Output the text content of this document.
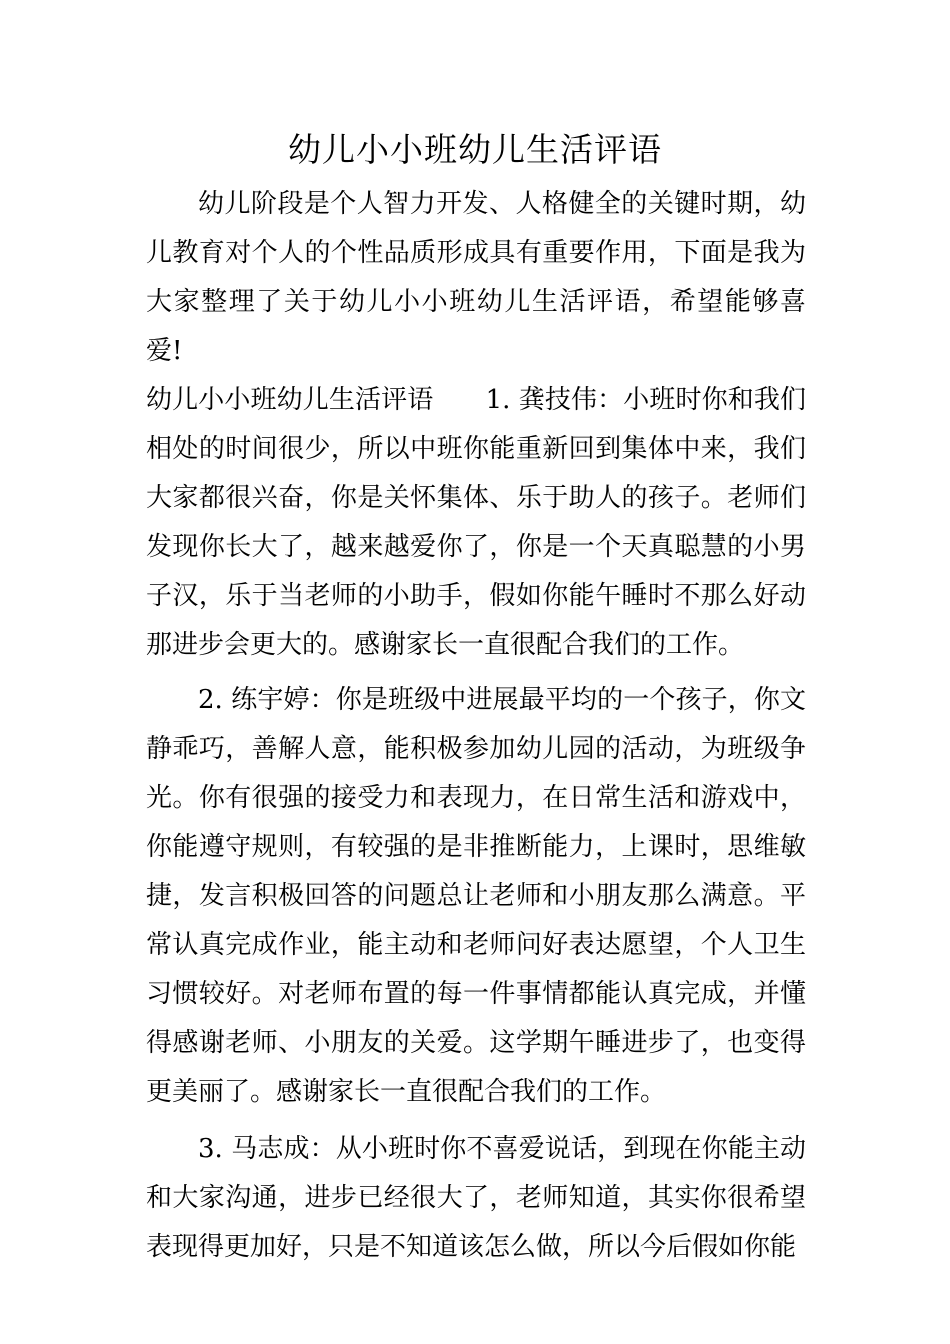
幼儿小小班幼儿生活评语

幼儿阶段是个人智力开发、人格健全的关键时期，幼儿教育对个人的个性品质形成具有重要作用，下面是我为大家整理了关于幼儿小小班幼儿生活评语，希望能够喜爱!

幼儿小小班幼儿生活评语　　1. 龚技伟：小班时你和我们相处的时间很少，所以中班你能重新回到集体中来，我们大家都很兴奋，你是关怀集体、乐于助人的孩子。老师们发现你长大了，越来越爱你了，你是一个天真聪慧的小男子汉，乐于当老师的小助手，假如你能午睡时不那么好动那进步会更大的。感谢家长一直很配合我们的工作。

2. 练宇婷：你是班级中进展最平均的一个孩子，你文静乖巧，善解人意，能积极参加幼儿园的活动，为班级争光。你有很强的接受力和表现力，在日常生活和游戏中，你能遵守规则，有较强的是非推断能力，上课时，思维敏捷，发言积极回答的问题总让老师和小朋友那么满意。平常认真完成作业，能主动和老师问好表达愿望，个人卫生习惯较好。对老师布置的每一件事情都能认真完成，并懂得感谢老师、小朋友的关爱。这学期午睡进步了，也变得更美丽了。感谢家长一直很配合我们的工作。

3. 马志成：从小班时你不喜爱说话，到现在你能主动和大家沟通，进步已经很大了，老师知道，其实你很希望表现得更加好，只是不知道该怎么做，所以今后假如你能
